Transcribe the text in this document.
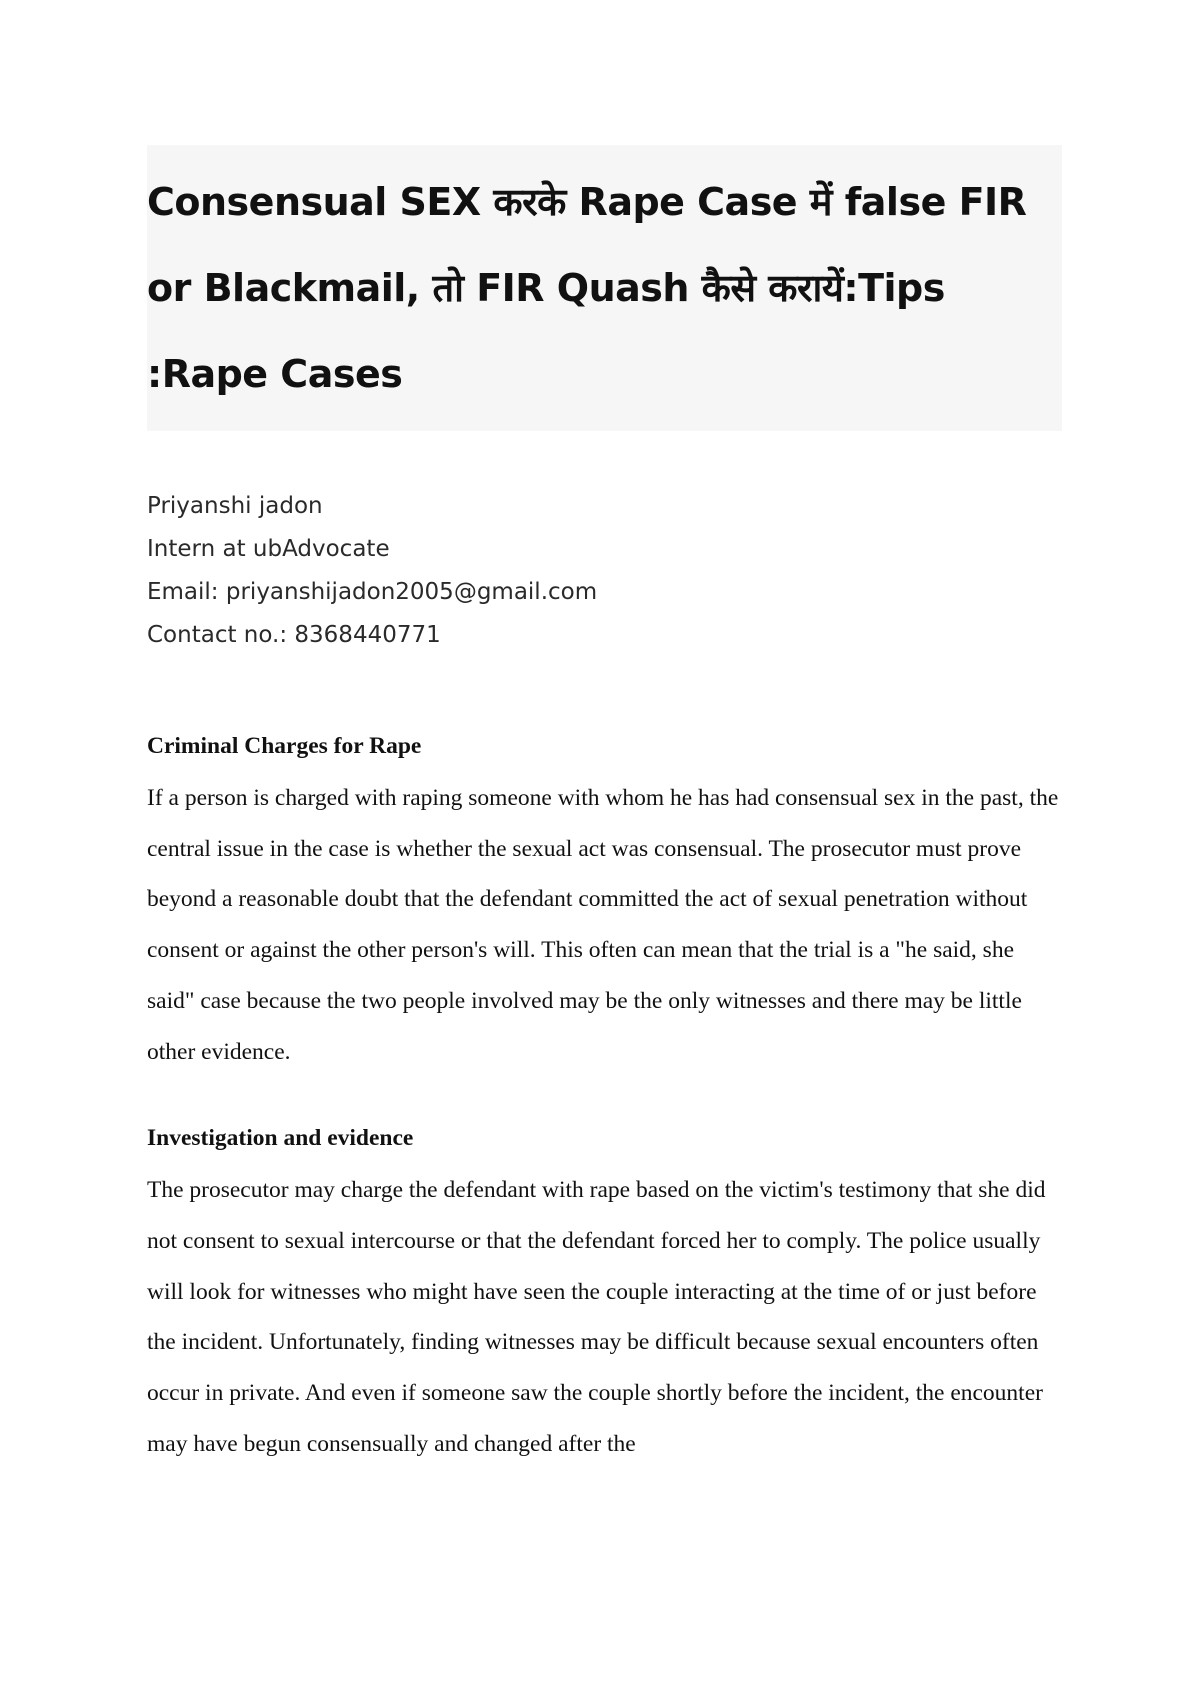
Consensual SEX करके Rape Case में false FIR or Blackmail, तो FIR Quash कैसे करायें:Tips :Rape Cases
Priyanshi jadon
Intern at ubAdvocate
Email: priyanshijadon2005@gmail.com
Contact no.: 8368440771
Criminal Charges for Rape

If a person is charged with raping someone with whom he has had consensual sex in the past, the central issue in the case is whether the sexual act was consensual. The prosecutor must prove beyond a reasonable doubt that the defendant committed the act of sexual penetration without consent or against the other person's will. This often can mean that the trial is a "he said, she said" case because the two people involved may be the only witnesses and there may be little other evidence.

Investigation and evidence

The prosecutor may charge the defendant with rape based on the victim's testimony that she did not consent to sexual intercourse or that the defendant forced her to comply. The police usually will look for witnesses who might have seen the couple interacting at the time of or just before the incident. Unfortunately, finding witnesses may be difficult because sexual encounters often occur in private. And even if someone saw the couple shortly before the incident, the encounter may have begun consensually and changed after the
